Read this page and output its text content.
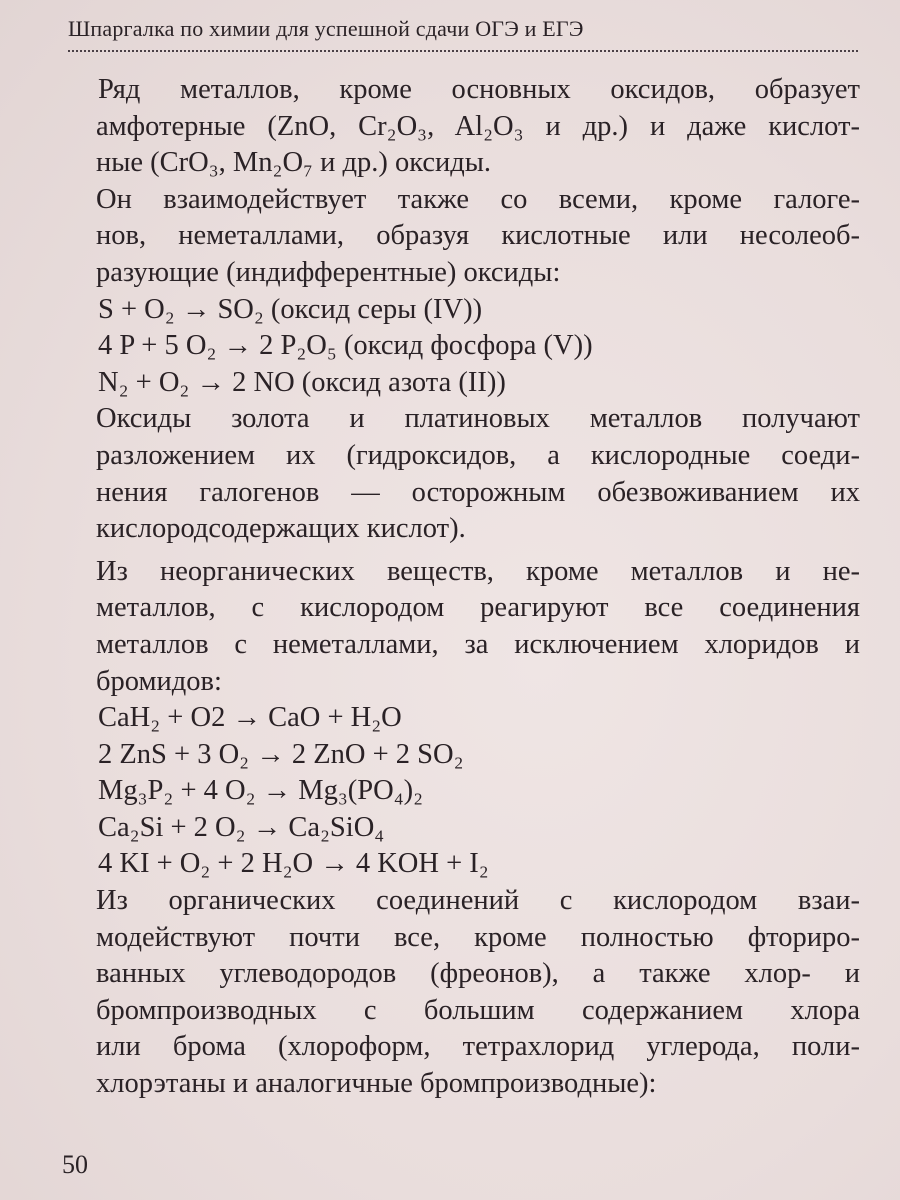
Шпаргалка по химии для успешной сдачи ОГЭ и ЕГЭ
Ряд металлов, кроме основных оксидов, образует
амфотерные (ZnO, Cr₂O₃, Al₂O₃ и др.) и даже кислот-
ные (CrO₃, Mn₂O₇ и др.) оксиды.
Он взаимодействует также со всеми, кроме галоге-
нов, неметаллами, образуя кислотные или несолеоб-
разующие (индифферентные) оксиды:
S + O₂ → SO₂ (оксид серы (IV))
4 P + 5 O₂ → 2 P₂O₅ (оксид фосфора (V))
N₂ + O₂ → 2 NO (оксид азота (II))
Оксиды золота и платиновых металлов получают
разложением их (гидроксидов, а кислородные соеди-
нения галогенов — осторожным обезвоживанием их
кислородсодержащих кислот).
Из неорганических веществ, кроме металлов и не-
металлов, с кислородом реагируют все соединения
металлов с неметаллами, за исключением хлоридов и
бромидов:
CaH₂ + O2 → CaO + H₂O
2 ZnS + 3 O₂ → 2 ZnO + 2 SO₂
Mg₃P₂ + 4 O₂ → Mg₃(PO₄)₂
Ca₂Si + 2 O₂ → Ca₂SiO₄
4 KI + O₂ + 2 H₂O → 4 KOH + I₂
Из органических соединений с кислородом взаи-
модействуют почти все, кроме полностью фториро-
ванных углеводородов (фреонов), а также хлор- и
бромпроизводных с большим содержанием хлора
или брома (хлороформ, тетрахлорид углерода, поли-
хлорэтаны и аналогичные бромпроизводные):
50
